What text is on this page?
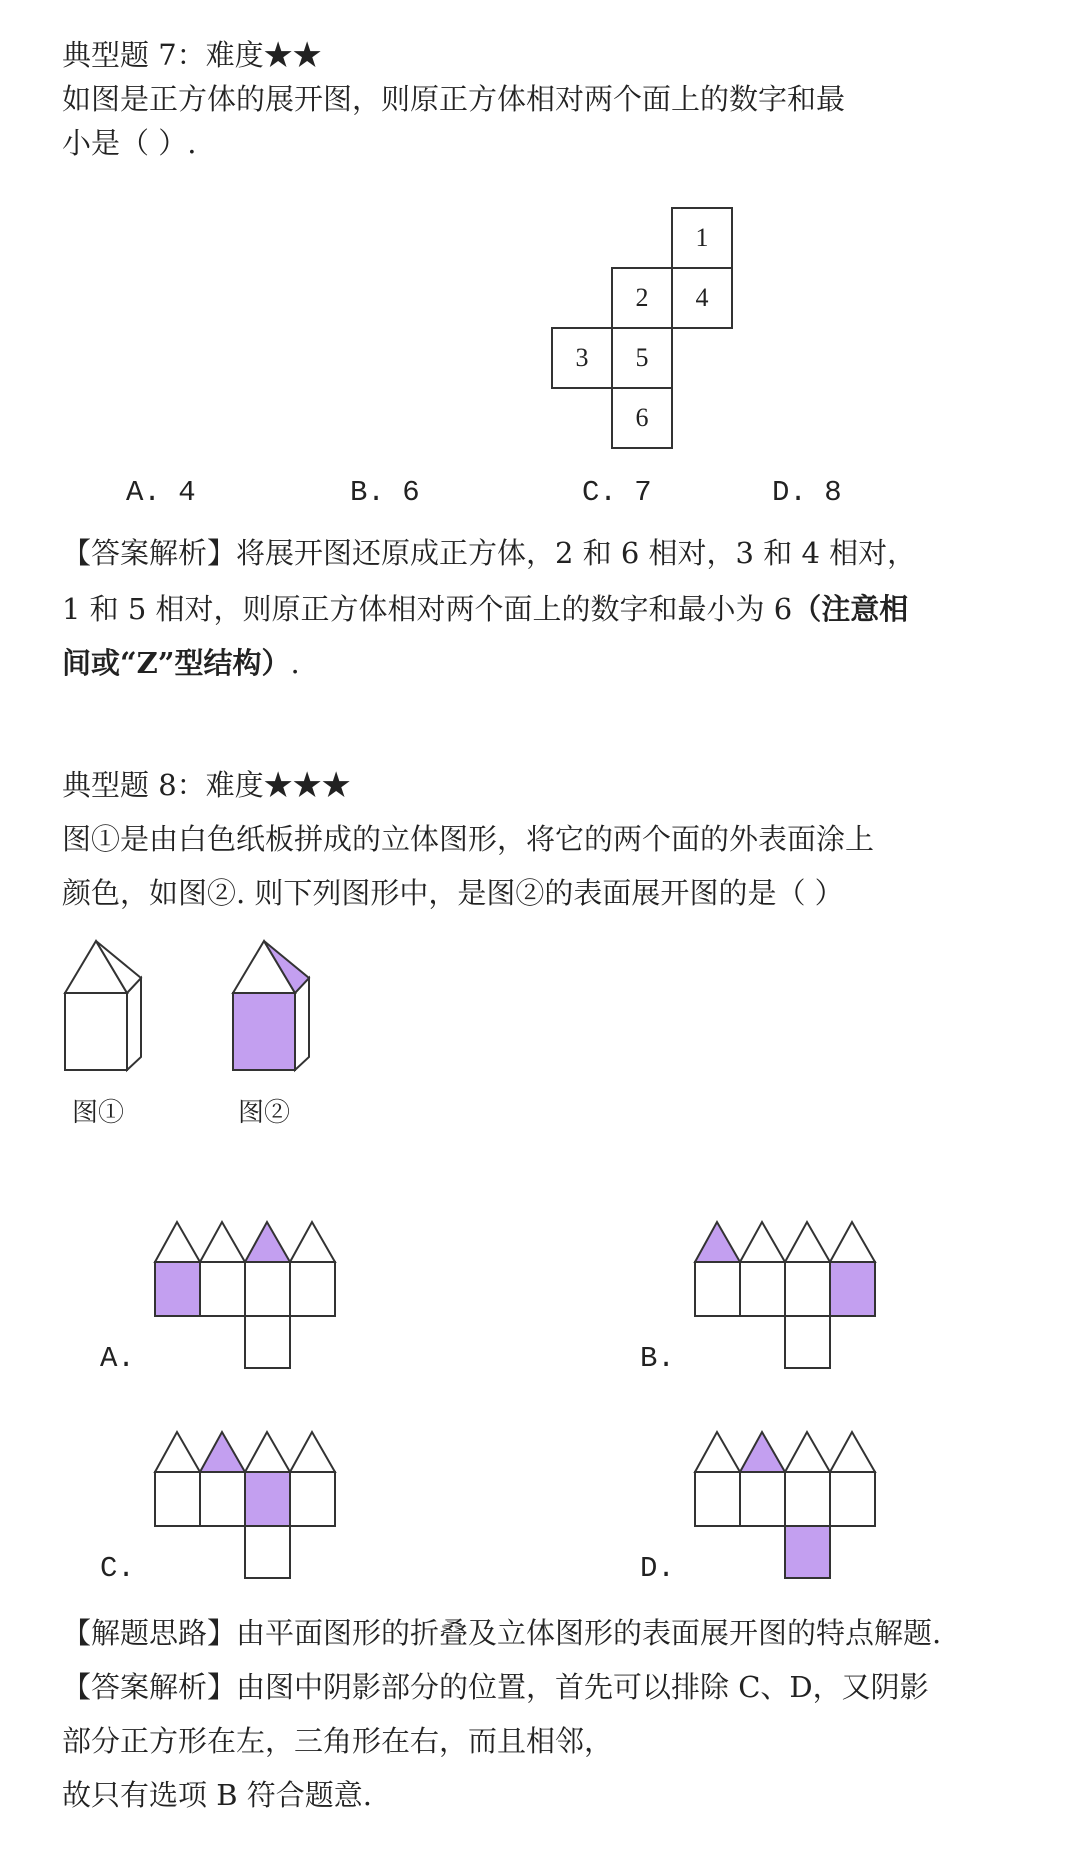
典型题 7：难度★★
如图是正方体的展开图，则原正方体相对两个面上的数字和最
小是（ ）.
1
2 4
3 5
6
A. 4	B. 6	C. 7	D. 8
【答案解析】将展开图还原成正方体，2 和 6 相对，3 和 4 相对，
1 和 5 相对，则原正方体相对两个面上的数字和最小为 6（注意相
间或“Z”型结构）.
典型题 8：难度★★★
图①是由白色纸板拼成的立体图形，将它的两个面的外表面涂上
颜色，如图②. 则下列图形中，是图②的表面展开图的是（ ）
图①	图②
A.	B.
C.	D.
【解题思路】由平面图形的折叠及立体图形的表面展开图的特点解题.
【答案解析】由图中阴影部分的位置，首先可以排除 C、D，又阴影
部分正方形在左，三角形在右，而且相邻，
故只有选项 B 符合题意.
